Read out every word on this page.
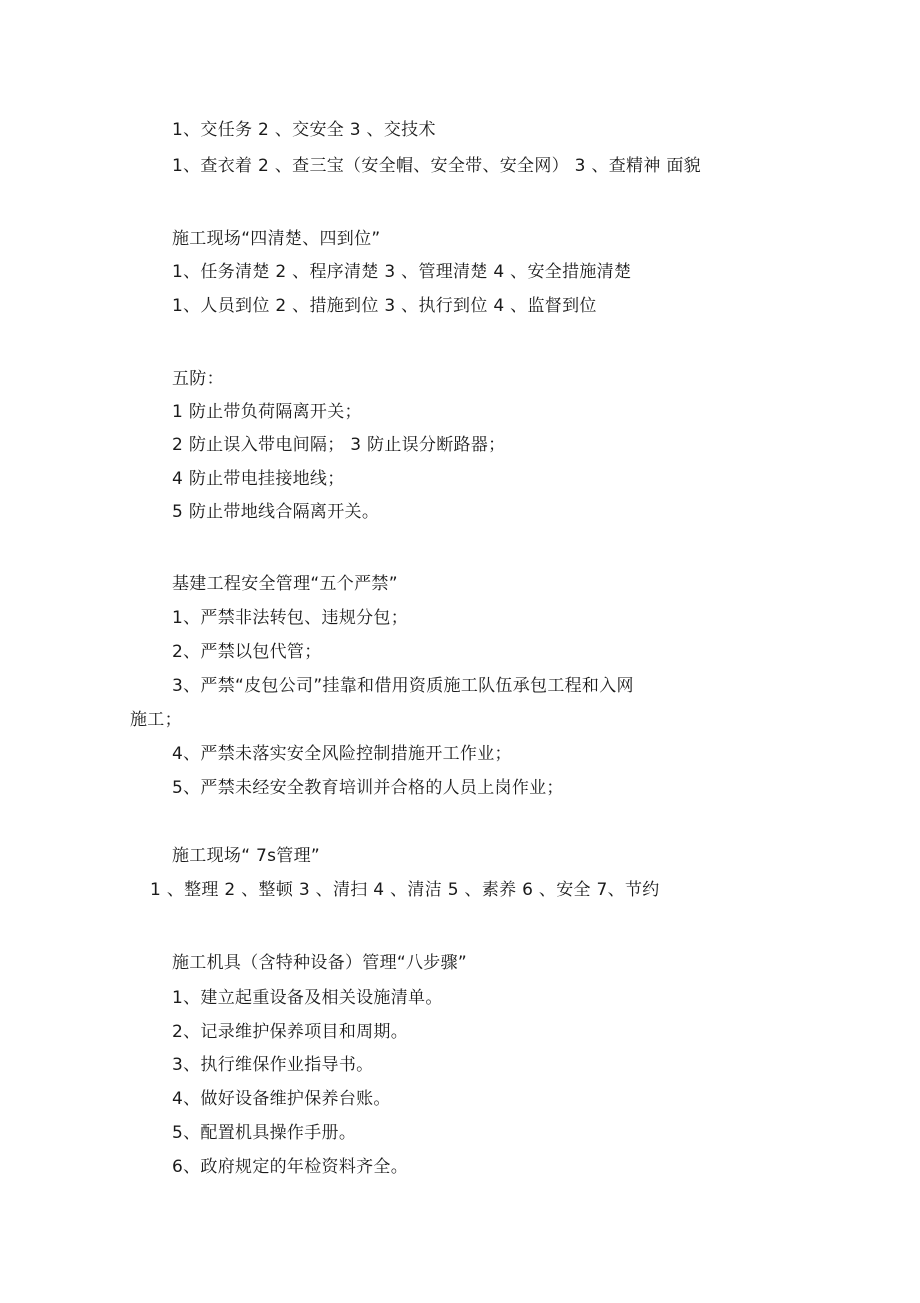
1、交任务 2 、交安全 3 、交技术
1、查衣着 2 、查三宝（安全帽、安全带、安全网） 3 、查精神 面貌
施工现场“四清楚、四到位”
1、任务清楚 2 、程序清楚 3 、管理清楚 4 、安全措施清楚
1、人员到位 2 、措施到位 3 、执行到位 4 、监督到位
五防：
1 防止带负荷隔离开关；
2 防止误入带电间隔； 3 防止误分断路器；
4 防止带电挂接地线；
5 防止带地线合隔离开关。
基建工程安全管理“五个严禁”
1、严禁非法转包、违规分包；
2、严禁以包代管；
3、严禁“皮包公司”挂靠和借用资质施工队伍承包工程和入网
施工；
4、严禁未落实安全风险控制措施开工作业；
5、严禁未经安全教育培训并合格的人员上岗作业；
施工现场“ 7s管理”
1 、整理 2 、整顿 3 、清扫 4 、清洁 5 、素养 6 、安全 7、节约
施工机具（含特种设备）管理“八步骤”
1、建立起重设备及相关设施清单。
2、记录维护保养项目和周期。
3、执行维保作业指导书。
4、做好设备维护保养台账。
5、配置机具操作手册。
6、政府规定的年检资料齐全。
